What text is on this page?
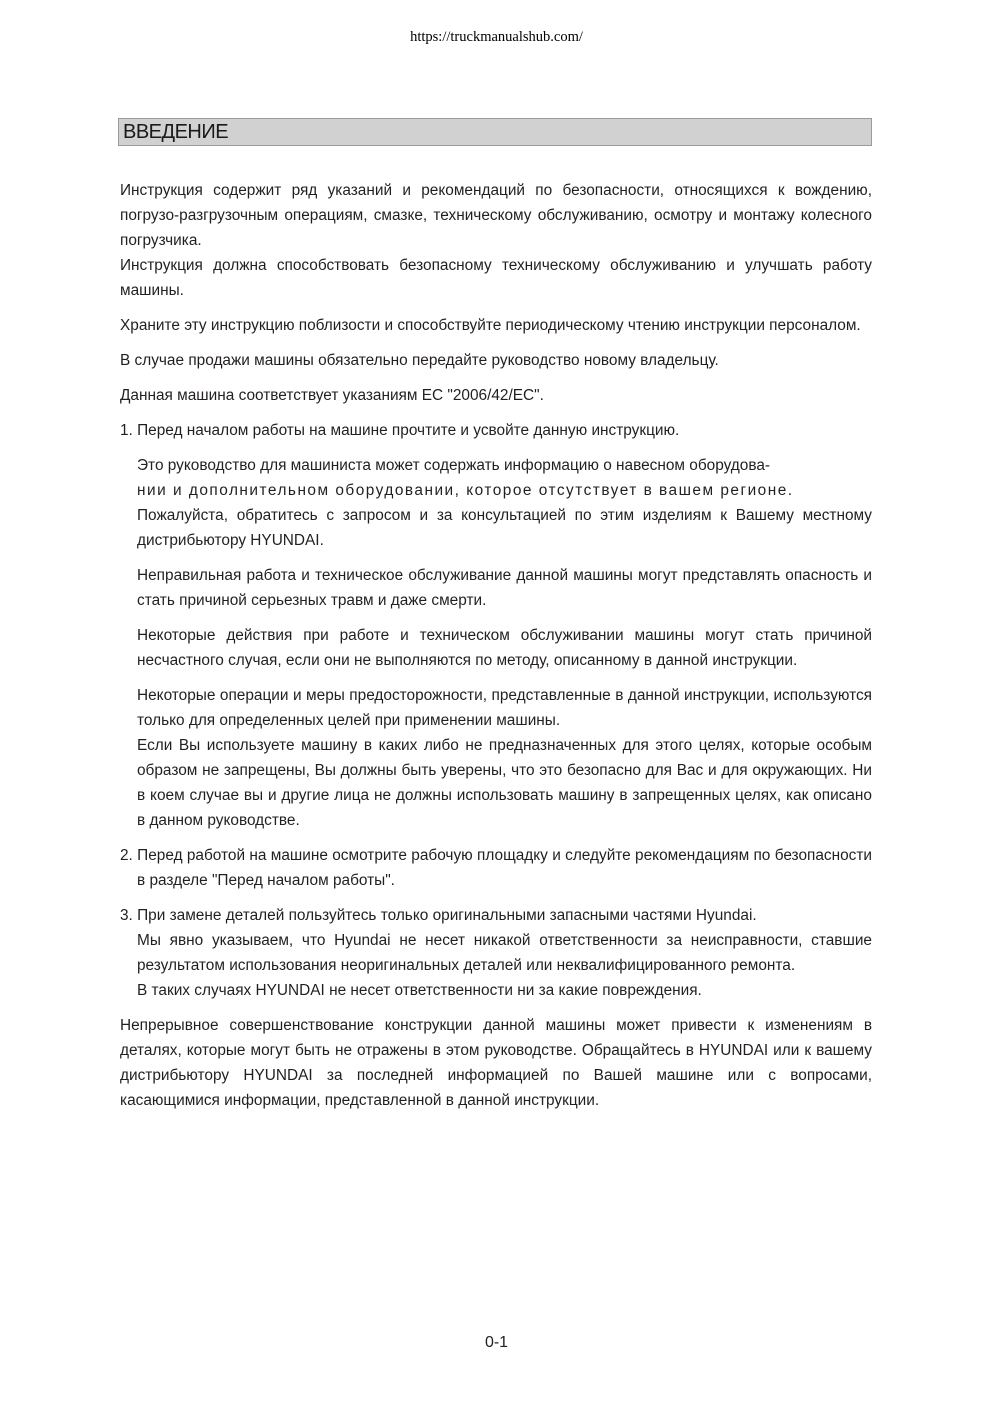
https://truckmanualshub.com/
ВВЕДЕНИЕ

Инструкция содержит ряд указаний и рекомендаций по безопасности, относящихся к вождению, погрузо-разгрузочным операциям, смазке, техническому обслуживанию, осмотру и монтажу колесного погрузчика.

Инструкция должна способствовать безопасному техническому обслуживанию и улучшать работу машины.

Храните эту инструкцию поблизости и способствуйте периодическому чтению инструкции персоналом.

В случае продажи машины обязательно передайте руководство новому владельцу.

Данная машина соответствует указаниям ЕС "2006/42/EC".

1. Перед началом работы на машине прочтите и усвойте данную инструкцию.

Это руководство для машиниста может содержать информацию о навесном оборудова-

нии и дополнительном оборудовании, которое отсутствует в вашем регионе.

Пожалуйста, обратитесь с запросом и за консультацией по этим изделиям к Вашему местному дистрибьютору HYUNDAI.

Неправильная работа и техническое обслуживание данной машины могут представлять опасность и стать причиной серьезных травм и даже смерти.

Некоторые действия при работе и техническом обслуживании машины могут стать причиной несчастного случая, если они не выполняются по методу, описанному в данной инструкции.

Некоторые операции и меры предосторожности, представленные в данной инструкции, используются только для определенных целей при применении машины.

Если Вы используете машину в каких либо не предназначенных для этого целях, которые особым образом не запрещены, Вы должны быть уверены, что это безопасно для Вас и для окружающих. Ни в коем случае вы и другие лица не должны использовать машину в запрещенных целях, как описано в данном руководстве.

2. Перед работой на машине осмотрите рабочую площадку и следуйте рекомендациям по безопасности в разделе "Перед началом работы".

3. При замене деталей пользуйтесь только оригинальными запасными частями Hyundai.

Мы явно указываем, что Hyundai не несет никакой ответственности за неисправности, ставшие результатом использования неоригинальных деталей или неквалифицированного ремонта.

В таких случаях HYUNDAI не несет ответственности ни за какие повреждения.

Непрерывное совершенствование конструкции данной машины может привести к изменениям в деталях, которые могут быть не отражены в этом руководстве. Обращайтесь в HYUNDAI или к вашему дистрибьютору HYUNDAI за последней информацией по Вашей машине или с вопросами, касающимися информации, представленной в данной инструкции.

0-1
